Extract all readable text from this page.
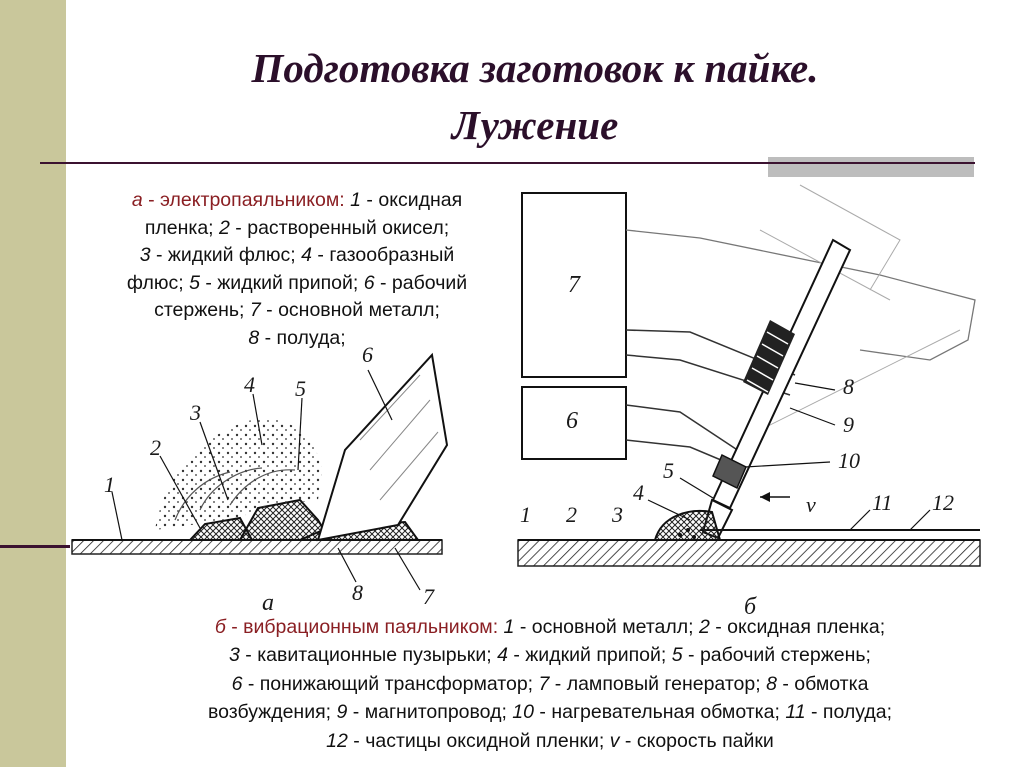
Подготовка заготовок к пайке.
Лужение
1
2
3
4 5
6
8	7
а
7
6
8
9
10
5
4	v	11 12
1 2 3
б
а - электропаяльником: 1 - оксидная
пленка; 2 - растворенный окисел;
3 - жидкий флюс; 4 - газообразный
флюс; 5 - жидкий припой; 6 - рабочий
стержень; 7 - основной металл;
8 - полуда;
б - вибрационным паяльником: 1 - основной металл; 2 - оксидная пленка;
3 - кавитационные пузырьки; 4 - жидкий припой; 5 - рабочий стержень;
6 - понижающий трансформатор; 7 - ламповый генератор; 8 - обмотка
возбуждения; 9 - магнитопровод; 10 - нагревательная обмотка; 11 - полуда;
12 - частицы оксидной пленки; v - скорость пайки
